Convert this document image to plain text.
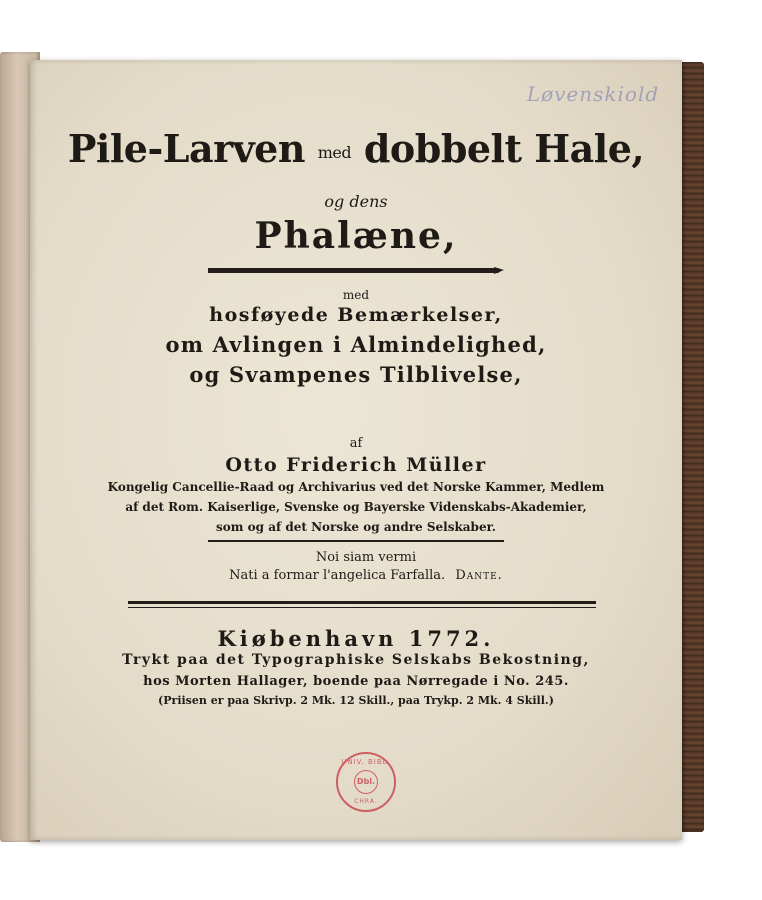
Løvenskiold
Pile-Larven med dobbelt Hale,
og dens
Phalæne,
med
hosføyede Bemærkelser,
om Avlingen i Almindelighed,
og Svampenes Tilblivelse,
af
Otto Friderich Müller
Kongelig Cancellie-Raad og Archivarius ved det Norske Kammer, Medlem
af det Rom. Kaiserlige, Svenske og Bayerske Videnskabs-Akademier,
som og af det Norske og andre Selskaber.
Noi siam vermi
Nati a formar l'angelica Farfalla. Dante.
Kiøbenhavn 1772.
Trykt paa det Typographiske Selskabs Bekostning,
hos Morten Hallager, boende paa Nørregade i No. 245.
(Priisen er paa Skrivp. 2 Mk. 12 Skill., paa Trykp. 2 Mk. 4 Skill.)
UNIV. BIBL.
Dbl.
CHRA.
